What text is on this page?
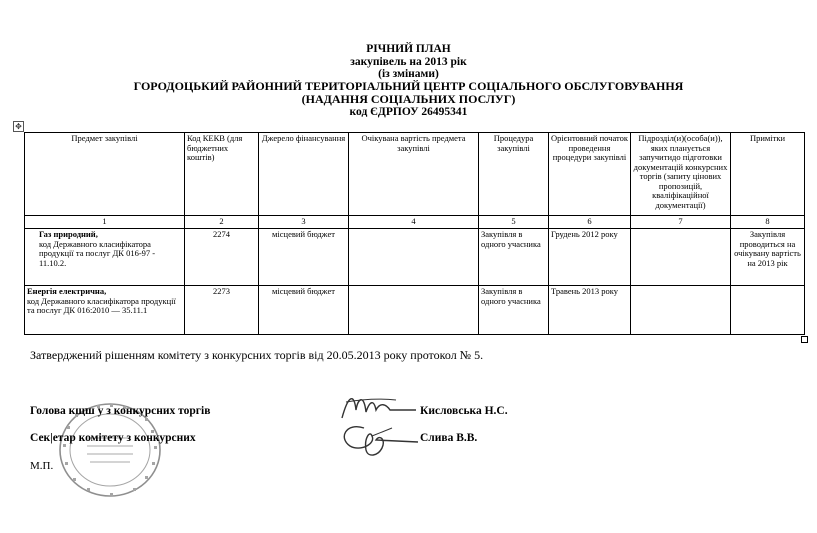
РІЧНИЙ ПЛАН
закупівель на 2013 рік
(із змінами)
ГОРОДОЦЬКИЙ РАЙОННИЙ ТЕРИТОРІАЛЬНИЙ ЦЕНТР СОЦІАЛЬНОГО ОБСЛУГОВУВАННЯ
(НАДАННЯ СОЦІАЛЬНИХ ПОСЛУГ)
код ЄДРПОУ 26495341
✥
Предмет закупівлі	Код КЕКВ (для бюджетних коштів)	Джерело фінансування	Очікувана вартість предмета закупівлі	Процедура закупівлі	Орієнтовний початок проведення процедури закупівлі	Підрозділ(и)(особа(и)), яких планується запучитидо підготовки документацій конкурсних торгів (запиту цінових пропозицій, кваліфікаційної документації)	Примітки
1	2	3	4	5	6	7	8
Газ природний,

код Державного класифікатора продукції та послуг ДК 016-97 - 11.10.2.	2274	місцевий бюджет		Закупівля в одного учасника	Грудень 2012 року		Закупівля проводиться на очікувану вартість на 2013 рік
Енергія електрична,
код Державного класифікатора продукції та послуг ДК 016:2010 — 35.11.1	2273	місцевий бюджет		Закупівля в одного учасника	Травень 2013 року		
Затверджений рішенням комітету з конкурсних торгів від 20.05.2013 року протокол № 5.
Голова кщш у з конкурсних торгів	Кисловська Н.С.
Сек|етар комітету з конкурсних	Слива В.В.
М.П.
